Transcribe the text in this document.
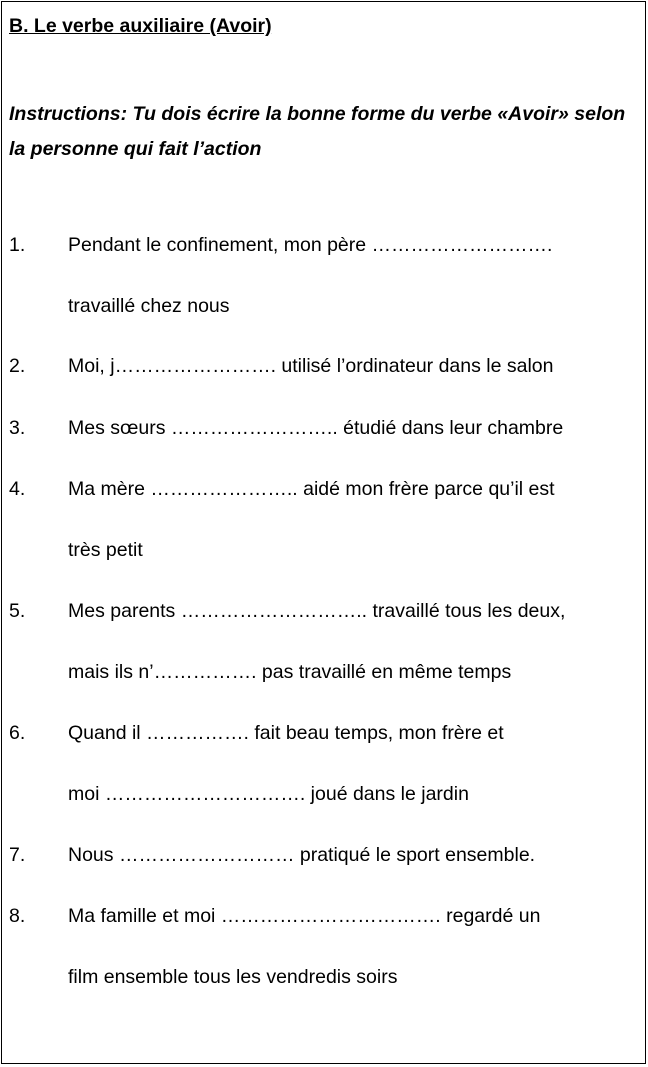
B. Le verbe auxiliaire (Avoir)
Instructions: Tu dois écrire la bonne forme du verbe «Avoir» selon la personne qui fait l’action
1. Pendant le confinement, mon père ……………………….
travaillé chez nous
2. Moi, j……………………. utilisé l’ordinateur dans le salon
3. Mes sœurs …………………….. étudié dans leur chambre
4. Ma mère ………………….. aidé mon frère parce qu’il est
très petit
5. Mes parents ……………………….. travaillé tous les deux,
mais ils n’……………. pas travaillé en même temps
6. Quand il ……………. fait beau temps, mon frère et
moi …………………………. joué dans le jardin
7. Nous ……………………… pratiqué le sport ensemble.
8. Ma famille et moi ……………………………. regardé un
film ensemble tous les vendredis soirs
